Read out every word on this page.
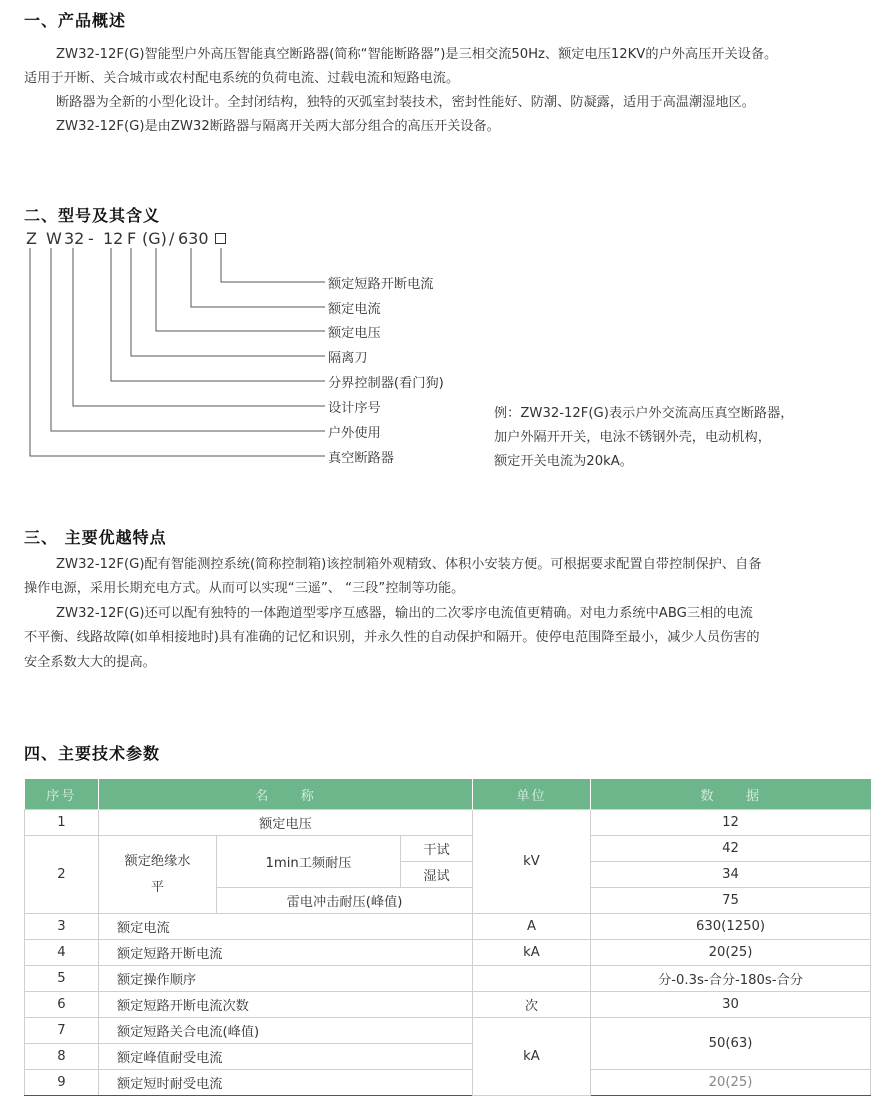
一、产品概述
ZW32-12F(G)智能型户外高压智能真空断路器(简称“智能断路器”)是三相交流50Hz、额定电压12KV的户外高压开关设备。
适用于开断、关合城市或农村配电系统的负荷电流、过载电流和短路电流。
断路器为全新的小型化设计。全封闭结构，独特的灭弧室封装技术，密封性能好、防潮、防凝露，适用于高温潮湿地区。
ZW32-12F(G)是由ZW32断路器与隔离开关两大部分组合的高压开关设备。
二、型号及其含义
Z W 32 - 12 F (G) / 630
额定短路开断电流
额定电流
额定电压
隔离刀
分界控制器(看门狗)
设计序号
户外使用
真空断路器
例：ZW32-12F(G)表示户外交流高压真空断路器，
加户外隔开开关，电泳不锈钢外壳，电动机构，
额定开关电流为20kA。
三、 主要优越特点
ZW32-12F(G)配有智能测控系统(简称控制箱)该控制箱外观精致、体积小安装方便。可根据要求配置自带控制保护、自备
操作电源，采用长期充电方式。从而可以实现“三遥”、 “三段”控制等功能。
ZW32-12F(G)还可以配有独特的一体跑道型零序互感器，输出的二次零序电流值更精确。对电力系统中ABG三相的电流
不平衡、线路故障(如单相接地时)具有准确的记忆和识别，并永久性的自动保护和隔开。使停电范围降至最小，减少人员伤害的
安全系数大大的提高。
四、主要技术参数
序号	名　　称			单位	数　　据
1	额定电压			kV	12
2	额定绝缘水平	1min工频耐压	干试		42
			湿试		34
		雷电冲击耐压(峰值)			75
3	额定电流			A	630(1250)
4	额定短路开断电流			kA	20(25)
5	额定操作顺序				分-0.3s-合分-180s-合分
6	额定短路开断电流次数			次	30
7	额定短路关合电流(峰值)			kA	50(63)
8	额定峰值耐受电流				
9	额定短时耐受电流				20(25)
